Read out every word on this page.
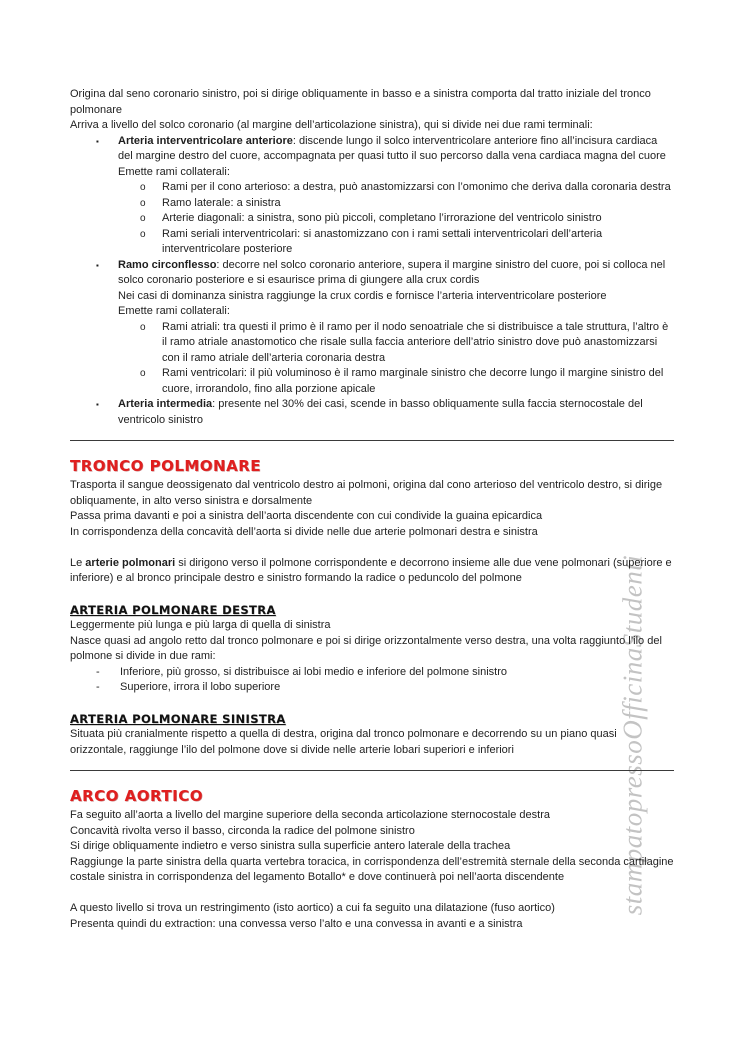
stampatopressoOfficinaStudenti

Origina dal seno coronario sinistro, poi si dirige obliquamente in basso e a sinistra comporta dal tratto iniziale del tronco polmonare

Arriva a livello del solco coronario (al margine dell’articolazione sinistra), qui si divide nei due rami terminali:

▪ Arteria interventricolare anteriore: discende lungo il solco interventricolare anteriore fino all’incisura cardiaca del margine destro del cuore, accompagnata per quasi tutto il suo percorso dalla vena cardiaca magna del cuore
Emette rami collaterali:
o Rami per il cono arterioso: a destra, può anastomizzarsi con l’omonimo che deriva dalla coronaria destra
o Ramo laterale: a sinistra
o Arterie diagonali: a sinistra, sono più piccoli, completano l’irrorazione del ventricolo sinistro
o Rami seriali interventricolari: si anastomizzano con i rami settali interventricolari dell’arteria interventricolare posteriore
▪ Ramo circonflesso: decorre nel solco coronario anteriore, supera il margine sinistro del cuore, poi si colloca nel solco coronario posteriore e si esaurisce prima di giungere alla crux cordis
Nei casi di dominanza sinistra raggiunge la crux cordis e fornisce l’arteria interventricolare posteriore
Emette rami collaterali:
o Rami atriali: tra questi il primo è il ramo per il nodo senoatriale che si distribuisce a tale struttura, l’altro è il ramo atriale anastomotico che risale sulla faccia anteriore dell’atrio sinistro dove può anastomizzarsi con il ramo atriale dell’arteria coronaria destra
o Rami ventricolari: il più voluminoso è il ramo marginale sinistro che decorre lungo il margine sinistro del cuore, irrorandolo, fino alla porzione apicale
▪ Arteria intermedia: presente nel 30% dei casi, scende in basso obliquamente sulla faccia sternocostale del ventricolo sinistro
TRONCO POLMONARE

Trasporta il sangue deossigenato dal ventricolo destro ai polmoni, origina dal cono arterioso del ventricolo destro, si dirige obliquamente, in alto verso sinistra e dorsalmente

Passa prima davanti e poi a sinistra dell’aorta discendente con cui condivide la guaina epicardica

In corrispondenza della concavità dell’aorta si divide nelle due arterie polmonari destra e sinistra

Le arterie polmonari si dirigono verso il polmone corrispondente e decorrono insieme alle due vene polmonari (superiore e inferiore) e al bronco principale destro e sinistro formando la radice o peduncolo del polmone

ARTERIA POLMONARE DESTRA

Leggermente più lunga e più larga di quella di sinistra

Nasce quasi ad angolo retto dal tronco polmonare e poi si dirige orizzontalmente verso destra, una volta raggiunto l’ilo del polmone si divide in due rami:

- Inferiore, più grosso, si distribuisce ai lobi medio e inferiore del polmone sinistro
- Superiore, irrora il lobo superiore
ARTERIA POLMONARE SINISTRA

Situata più cranialmente rispetto a quella di destra, origina dal tronco polmonare e decorrendo su un piano quasi orizzontale, raggiunge l’ilo del polmone dove si divide nelle arterie lobari superiori e inferiori

ARCO AORTICO

Fa seguito all’aorta a livello del margine superiore della seconda articolazione sternocostale destra

Concavità rivolta verso il basso, circonda la radice del polmone sinistro

Si dirige obliquamente indietro e verso sinistra sulla superficie antero laterale della trachea

Raggiunge la parte sinistra della quarta vertebra toracica, in corrispondenza dell’estremità sternale della seconda cartilagine costale sinistra in corrispondenza del legamento Botallo* e dove continuerà poi nell’aorta discendente

A questo livello si trova un restringimento (isto aortico) a cui fa seguito una dilatazione (fuso aortico)

Presenta quindi du extraction: una convessa verso l’alto e una convessa in avanti e a sinistra
